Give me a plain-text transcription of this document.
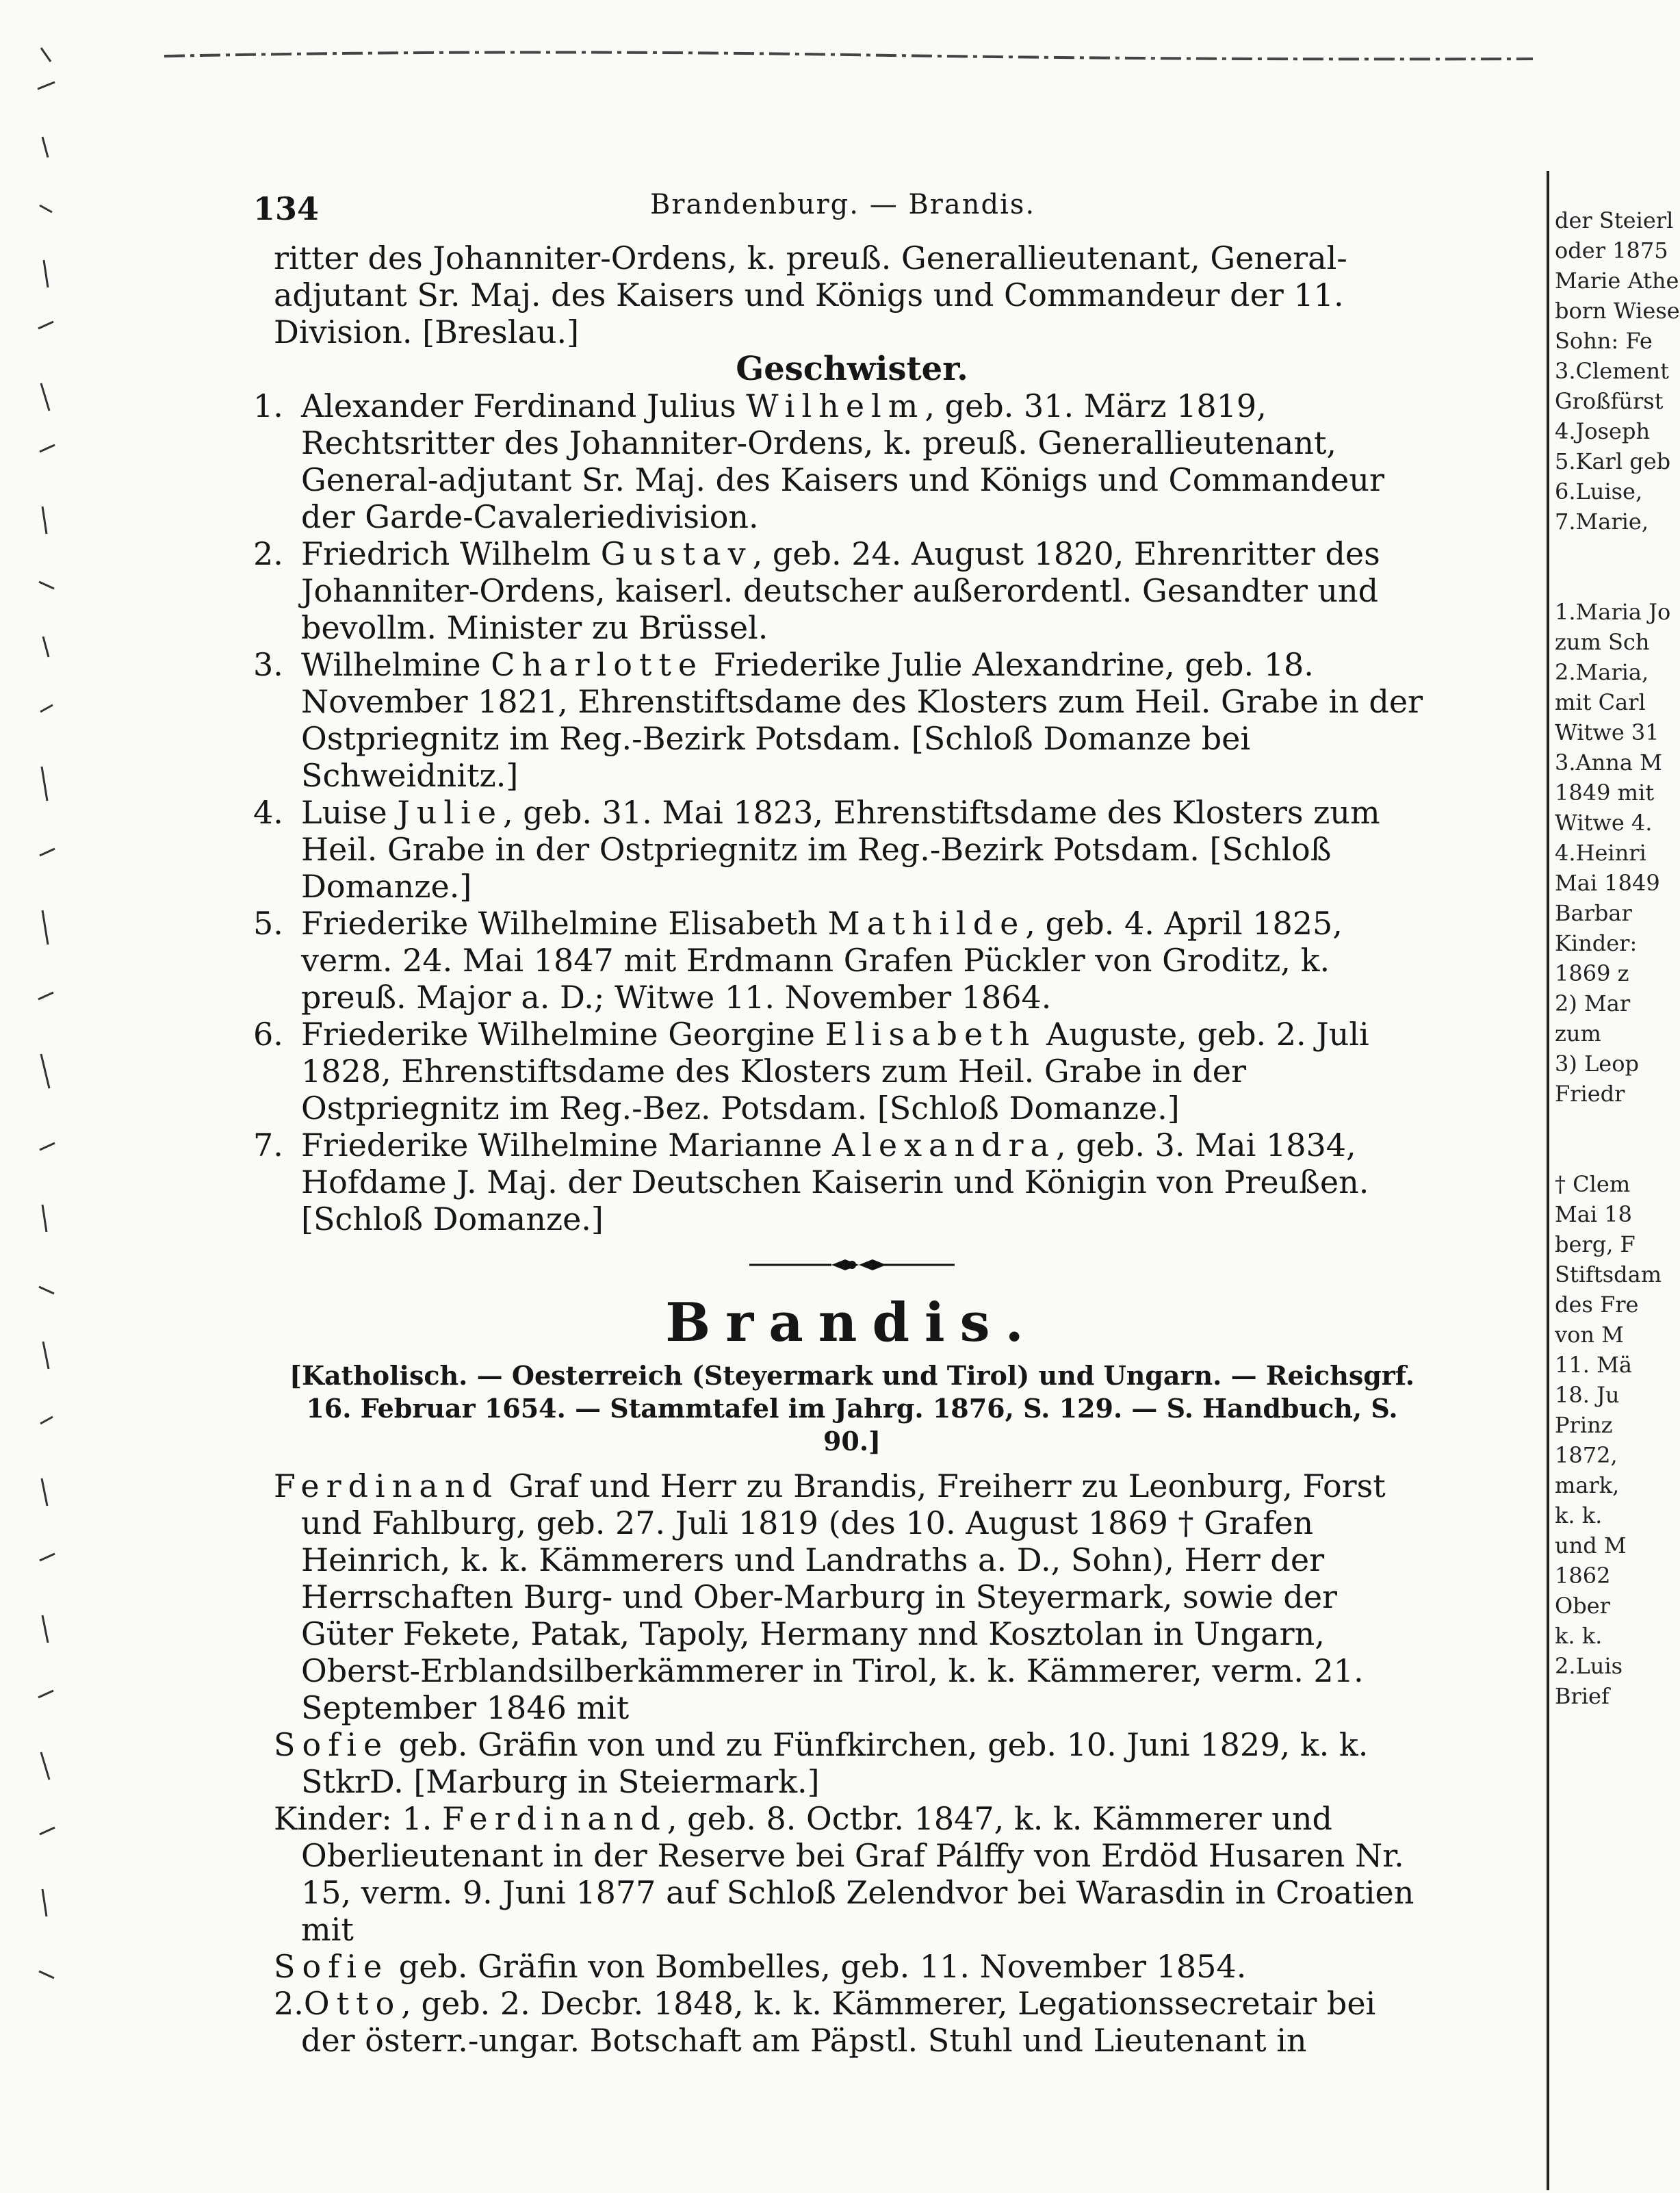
134	Brandenburg. — Brandis.

ritter des Johanniter-Ordens, k. preuß. Generallieutenant, General-adjutant Sr. Maj. des Kaisers und Königs und Commandeur der 11. Division. [Breslau.]

Geschwister.
1. Alexander Ferdinand Julius Wilhelm, geb. 31. März 1819, Rechtsritter des Johanniter-Ordens, k. preuß. Generallieutenant, General-adjutant Sr. Maj. des Kaisers und Königs und Commandeur der Garde-Cavaleriedivision.
2. Friedrich Wilhelm Gustav, geb. 24. August 1820, Ehrenritter des Johanniter-Ordens, kaiserl. deutscher außerordentl. Gesandter und bevollm. Minister zu Brüssel.
3. Wilhelmine Charlotte Friederike Julie Alexandrine, geb. 18. November 1821, Ehrenstiftsdame des Klosters zum Heil. Grabe in der Ostpriegnitz im Reg.-Bezirk Potsdam. [Schloß Domanze bei Schweidnitz.]
4. Luise Julie, geb. 31. Mai 1823, Ehrenstiftsdame des Klosters zum Heil. Grabe in der Ostpriegnitz im Reg.-Bezirk Potsdam. [Schloß Domanze.]
5. Friederike Wilhelmine Elisabeth Mathilde, geb. 4. April 1825, verm. 24. Mai 1847 mit Erdmann Grafen Pückler von Groditz, k. preuß. Major a. D.; Witwe 11. November 1864.
6. Friederike Wilhelmine Georgine Elisabeth Auguste, geb. 2. Juli 1828, Ehrenstiftsdame des Klosters zum Heil. Grabe in der Ostpriegnitz im Reg.-Bez. Potsdam. [Schloß Domanze.]
7. Friederike Wilhelmine Marianne Alexandra, geb. 3. Mai 1834, Hofdame J. Maj. der Deutschen Kaiserin und Königin von Preußen. [Schloß Domanze.]
Brandis.
[Katholisch. — Oesterreich (Steyermark und Tirol) und Ungarn. — Reichsgrf. 16. Februar 1654. — Stammtafel im Jahrg. 1876, S. 129. — S. Handbuch, S. 90.]

Ferdinand Graf und Herr zu Brandis, Freiherr zu Leonburg, Forst und Fahlburg, geb. 27. Juli 1819 (des 10. August 1869 † Grafen Heinrich, k. k. Kämmerers und Landraths a. D., Sohn), Herr der Herrschaften Burg- und Ober-Marburg in Steyermark, sowie der Güter Fekete, Patak, Tapoly, Hermany nnd Kosztolan in Ungarn, Oberst-Erblandsilberkämmerer in Tirol, k. k. Kämmerer, verm. 21. September 1846 mit

Sofie geb. Gräfin von und zu Fünfkirchen, geb. 10. Juni 1829, k. k. StkrD. [Marburg in Steiermark.]

Kinder: 1. Ferdinand, geb. 8. Octbr. 1847, k. k. Kämmerer und Oberlieutenant in der Reserve bei Graf Pálffy von Erdöd Husaren Nr. 15, verm. 9. Juni 1877 auf Schloß Zelendvor bei Warasdin in Croatien mit

Sofie geb. Gräfin von Bombelles, geb. 11. November 1854.

2.Otto, geb. 2. Decbr. 1848, k. k. Kämmerer, Legationssecretair bei der österr.-ungar. Botschaft am Päpstl. Stuhl und Lieutenant in

der Steierl
oder 1875
Marie Athe
born Wiese
Sohn: Fe
3.Clement
Großfürst
4.Joseph
5.Karl geb
6.Luise,
7.Marie,
1.Maria Jo
zum Sch
2.Maria,
mit Carl
Witwe 31
3.Anna M
1849 mit
Witwe 4.
4.Heinri
Mai 1849
Barbar
Kinder:
1869 z
2) Mar
zum
3) Leop
Friedr
† Clem
Mai 18
berg, F
Stiftsdam
des Fre
von M
11. Mä
18. Ju
Prinz
1872,
mark,
k. k.
und M
1862
Ober
k. k.
2.Luis
Brief
